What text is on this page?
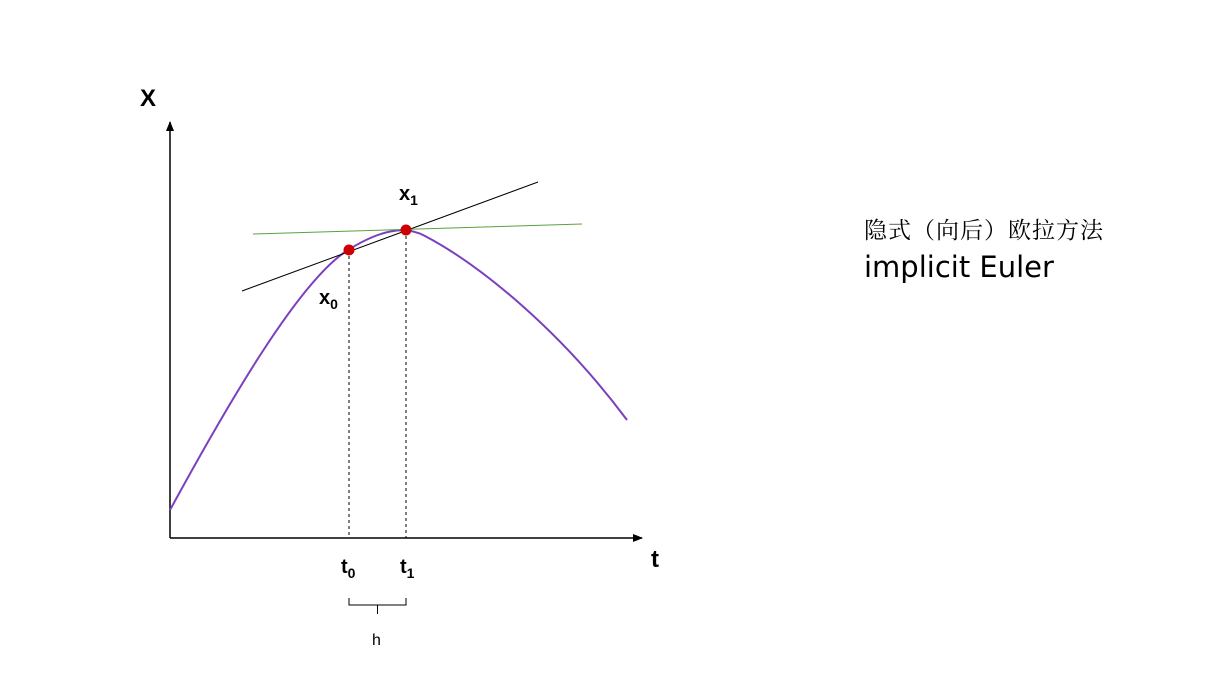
X
t
$x_0$
$x_1$
$t_0$ $t_1$
h
隐式（向后）欧拉方法
implicit Euler
